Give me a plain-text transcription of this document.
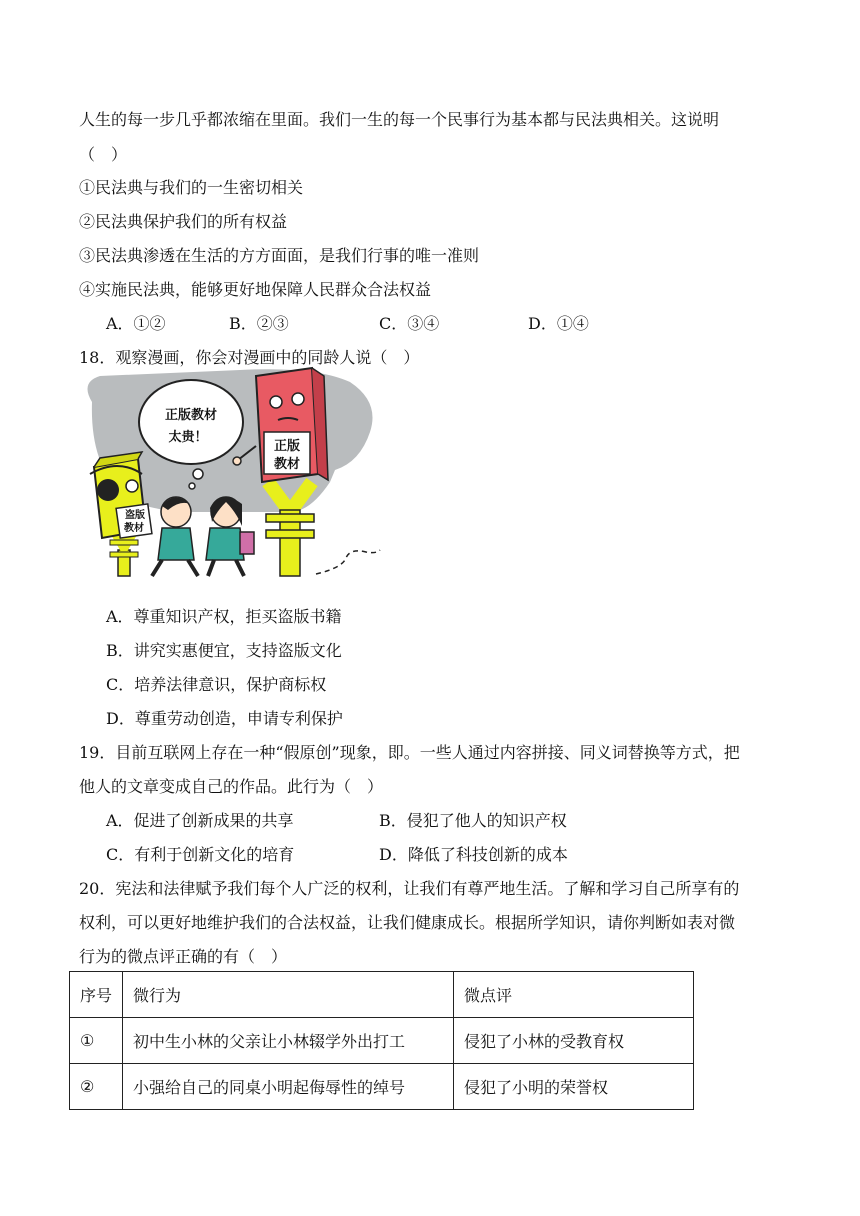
人生的每一步几乎都浓缩在里面。我们一生的每一个民事行为基本都与民法典相关。这说明
（　）
①民法典与我们的一生密切相关
②民法典保护我们的所有权益
③民法典渗透在生活的方方面面，是我们行事的唯一准则
④实施民法典，能够更好地保障人民群众合法权益
A．①②	B．②③	C．③④	D．①④
18．观察漫画，你会对漫画中的同龄人说（　）
正版教材
太贵！
盗版
教材
正版
教材
A．尊重知识产权，拒买盗版书籍
B．讲究实惠便宜，支持盗版文化
C．培养法律意识，保护商标权
D．尊重劳动创造，申请专利保护
19．目前互联网上存在一种“假原创”现象，即。一些人通过内容拼接、同义词替换等方式，把
他人的文章变成自己的作品。此行为（　）
A．促进了创新成果的共享	B．侵犯了他人的知识产权
C．有利于创新文化的培育	D．降低了科技创新的成本
20．宪法和法律赋予我们每个人广泛的权利，让我们有尊严地生活。了解和学习自己所享有的
权利，可以更好地维护我们的合法权益，让我们健康成长。根据所学知识，请你判断如表对微
行为的微点评正确的有（　）
序号	微行为	微点评
①	初中生小林的父亲让小林辍学外出打工	侵犯了小林的受教育权
②	小强给自己的同桌小明起侮辱性的绰号	侵犯了小明的荣誉权
